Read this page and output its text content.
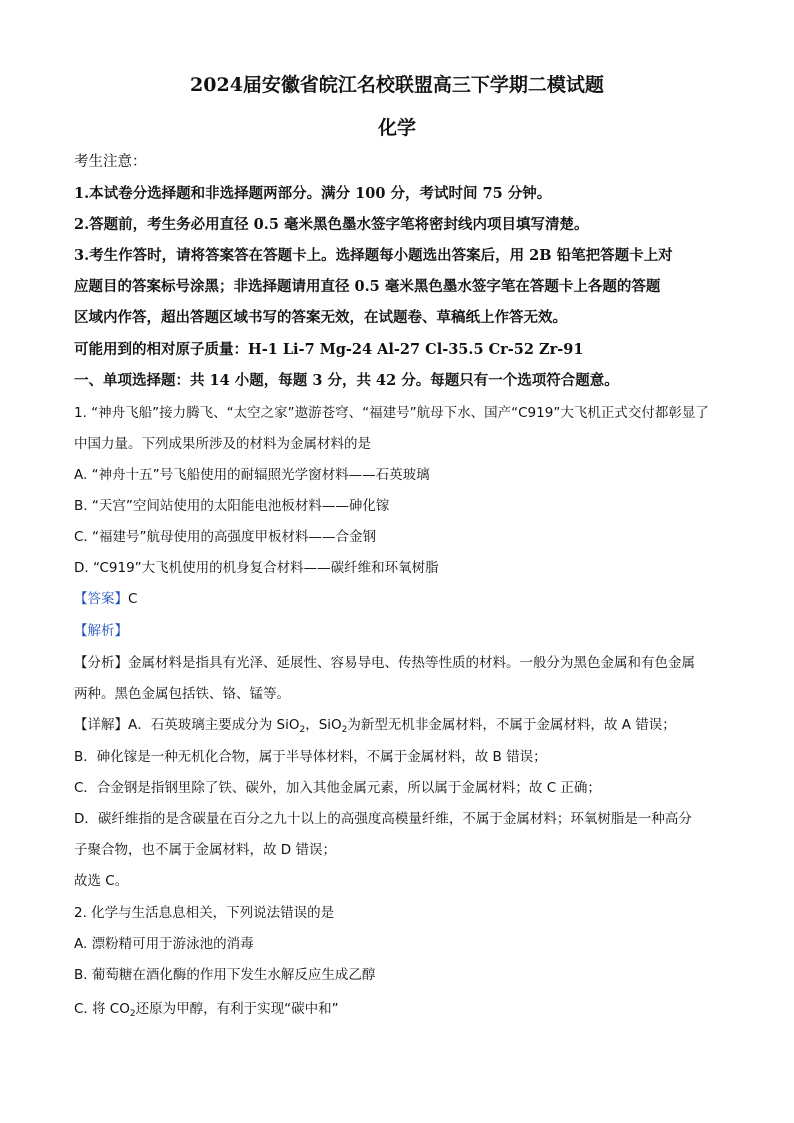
2024届安徽省皖江名校联盟高三下学期二模试题
化学
考生注意：
1.本试卷分选择题和非选择题两部分。满分 100 分，考试时间 75 分钟。
2.答题前，考生务必用直径 0.5 毫米黑色墨水签字笔将密封线内项目填写清楚。
3.考生作答时，请将答案答在答题卡上。选择题每小题选出答案后，用 2B 铅笔把答题卡上对
应题目的答案标号涂黑；非选择题请用直径 0.5 毫米黑色墨水签字笔在答题卡上各题的答题
区域内作答，超出答题区域书写的答案无效，在试题卷、草稿纸上作答无效。
可能用到的相对原子质量：H-1 Li-7 Mg-24 Al-27 Cl-35.5 Cr-52 Zr-91
一、单项选择题：共 14 小题，每题 3 分，共 42 分。每题只有一个选项符合题意。
1. “神舟飞船”接力腾飞、“太空之家”遨游苍穹、“福建号”航母下水、国产“C919”大飞机正式交付都彰显了
中国力量。下列成果所涉及的材料为金属材料的是
A. “神舟十五”号飞船使用的耐辐照光学窗材料——石英玻璃
B. “天宫”空间站使用的太阳能电池板材料——砷化镓
C. “福建号”航母使用的高强度甲板材料——合金钢
D. “C919”大飞机使用的机身复合材料——碳纤维和环氧树脂
【答案】C
【解析】
【分析】金属材料是指具有光泽、延展性、容易导电、传热等性质的材料。一般分为黑色金属和有色金属
两种。黑色金属包括铁、铬、锰等。
【详解】A．石英玻璃主要成分为 SiO$_2$，SiO$_2$为新型无机非金属材料，不属于金属材料，故 A 错误；
B．砷化镓是一种无机化合物，属于半导体材料，不属于金属材料，故 B 错误；
C．合金钢是指钢里除了铁、碳外，加入其他金属元素，所以属于金属材料；故 C 正确；
D．碳纤维指的是含碳量在百分之九十以上的高强度高模量纤维，不属于金属材料；环氧树脂是一种高分
子聚合物，也不属于金属材料，故 D 错误；
故选 C。
2. 化学与生活息息相关，下列说法错误的是
A. 漂粉精可用于游泳池的消毒
B. 葡萄糖在酒化酶的作用下发生水解反应生成乙醇
C. 将 $CO_2$还原为甲醇，有利于实现“碳中和”
